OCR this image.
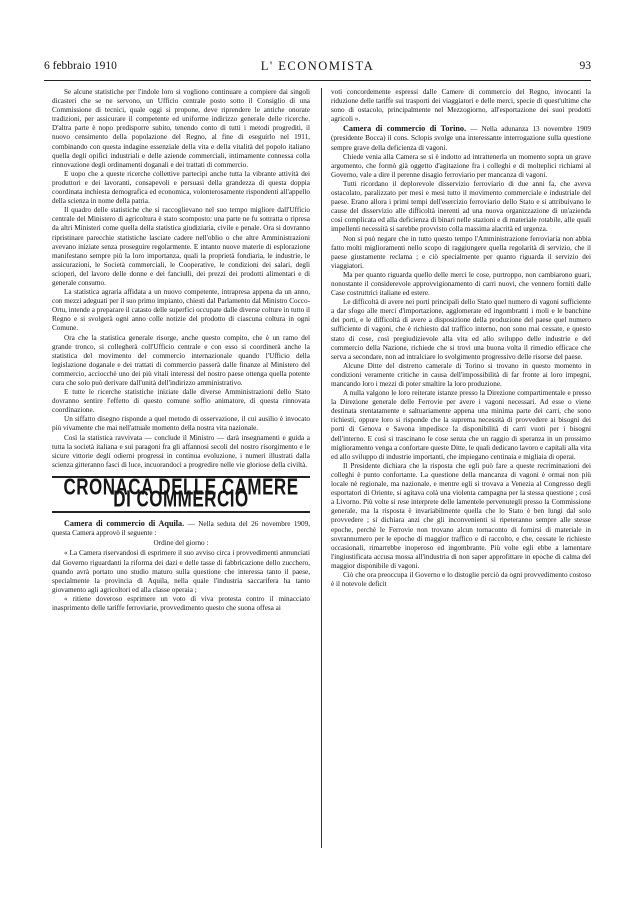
6 febbraio 1910	L' ECONOMISTA	93

Se alcune statistiche per l'indole loro si vogliono continuare a compiere dai singoli dicasteri che se ne servono, un Ufficio centrale posto sotto il Consiglio di una Commissione di tecnici, quale oggi si propone, deve riprendere le antiche onorate tradizioni, per assicurare il competente ed uniforme indirizzo generale delle ricerche. D'altra parte è nopo predisporre subito, tenendo conto di tutti i metodi progrediti, il nuovo censimento della popolazione del Regno, al fine di eseguirlo nel 1911, combinando con questa indagine essenziale della vita e della vitalità del popolo italiano quella degli opifici industriali e delle aziende commerciali, intimamente connessa colla rinnovazione degli ordinamenti doganali e dei trattati di commercio.

E uopo che a queste ricerche collettive partecipi anche tutta la vibrante attività dei produttori e dei lavoranti, consapevoli e persuasi della grandezza di questa doppia coordinata inchiesta demografica ed economica, volonterosamente rispondenti all'appello della scienza in nome della patria.

Il quadro delle statistiche che si raccoglievano nel suo tempo migliore dall'Ufficio centrale del Ministero di agricoltura è stato scomposto: una parte ne fu sottratta o ripresa da altri Ministeri come quella della statistica giudiziaria, civile e penale. Ora si dovranno ripristinare parecchie statistiche lasciate cadere nell'oblio o che altre Amministrazioni avevano iniziate senza proseguire regolarmente. E intanto nuove materie di esplorazione manifestano sempre più la loro importanza, quali la proprietà fondiaria, le industrie, le assicurazioni, le Società commerciali, le Cooperative, le condizioni dei salari, degli scioperi, del lavoro delle donne e dei fanciulli, dei prezzi dei prodotti alimentari e di generale consumo.

La statistica agraria affidata a un nuovo competente, intrapresa appena da un anno, con mezzi adeguati per il suo primo impianto, chiesti dal Parlamento dal Ministro Cocco-Ortu, intende a preparare il catasto delle superfici occupate dalle diverse colture in tutto il Regno e si svolgerà ogni anno colle notizie del prodotto di ciascuna coltura in ogni Comune.

Ora che la statistica generale risorge, anche questo compito, che è un ramo del grande tronco, si collegherà coll'Ufficio centrale e con esso si coordinerà anche la statistica del movimento del commercio internazionale quando l'Ufficio della legislazione doganale e dei trattati di commercio passerà dalle finanze al Ministero del commercio, acciocchè uno dei più vitali interessi del nostro paese ottenga quella potente cura che solo può derivare dall'unità dell'indirizzo amministrativo.

E tutte le ricerche statistiche iniziate dalle diverse Amministrazioni dello Stato dovranno sentire l'effetto di questo comune soffio animatore, di questa rinnovata coordinazione.

Un siffatto disegno risponde a quel metodo di osservazione, il cui ausilio è invocato più vivamente che mai nell'attuale momento della nostra vita nazionale.

Così la statistica ravvivata — conclude il Ministro — darà insegnamenti e guida a tutta la società italiana e sui paragoni fra gli affannosi secoli del nostro risorgimento e le sicure vittorie degli odierni progressi in continua evoluzione, i numeri illustrati dalla scienza gitteranno fasci di luce, incuorandoci a progredire nelle vie gloriose della civiltà.

CRONACA DELLE CAMERE DI COMMERCIO

Camera di commercio di Aquila. — Nella seduta del 26 novembre 1909, questa Camera approvò il seguente :

Ordine del giorno :

« La Camera riservandosi di esprimere il suo avviso circa i provvedimenti annunciati dal Governo riguardanti la riforma dei dazi e delle tasse di fabbricazione dello zucchero, quando avrà portato uno studio maturo sulla questione che interessa tanto il paese, specialmente la provincia di Aquila, nella quale l'industria saccarifera ha tanto giovamento agli agricoltori ed alla classe operaia ;

« ritiene doveroso esprimere un voto di viva protesta contro il minacciato inasprimento delle tariffe ferroviarie, provvedimento questo che suona offesa ai

voti concordemente espressi dalle Camere di commercio del Regno, invocanti la riduzione delle tariffe sui trasporti dei viaggiatori e delle merci, specie di quest'ultime che sono di ostacolo, principalmente nel Mezzogiorno, all'esportazione dei suoi prodotti agricoli ».

Camera di commercio di Torino. — Nella adunanza 13 novembre 1909 (presidente Bocca) il cons. Sclopis svolge una interessante interrogazione sulla questione sempre grave della deficienza di vagoni.

Chiede venia alla Camera se si è indotto ad intrattenerla un momento sopra un grave argomento, che formò già oggetto d'agitazione fra i colleghi e di molteplici richiami al Governo, vale a dire il perenne disagio ferroviario per mancanza di vagoni.

Tutti ricordano il deplorevole disservizio ferroviario di due anni fa, che aveva ostacolato, paralizzato per mesi e mesi tutto il movimento commerciale e industriale del paese. Erano allora i primi tempi dell'esercizio ferroviario dello Stato e si attribuivano le cause del disservizio alle difficoltà inerenti ad una nuova organizzazione di un'azienda così complicata ed alla deficienza di binari nelle stazioni e di materiale rotabile, alle quali impellenti necessità si sarebbe provvisto colla massima alacrità ed urgenza.

Non si può negare che in tutto questo tempo l'Amministrazione ferroviaria non abbia fatto molti miglioramenti nello scopo di raggiungere quella regolarità di servizio, che il paese giustamente reclama ; e ciò specialmente per quanto riguarda il servizio dei viaggiatori.

Ma per quanto riguarda quello delle merci le cose, purtroppo, non cambiarono guari, nonostante il considerevole approvvigionamento di carri nuovi, che vennero forniti dalle Case costruttrici italiane ed estere.

Le difficoltà di avere nei porti principali dello Stato quel numero di vagoni sufficiente a dar sfogo alle merci d'importazione, agglomerate ed ingombranti i moli e le banchine dei porti, e le difficoltà di avere a disposizione della produzione del paese quel numero sufficiente di vagoni, che è richiesto dal traffico interno, non sono mai cessate, e questo stato di cose, così pregiudizievole alla vita ed allo sviluppo delle industrie e del commercio della Nazione, richiede che si trovi una buona volta il rimedio efficace che serva a secondare, non ad intralciare lo svolgimento progressivo delle risorse del paese.

Alcune Ditte del distretto camerale di Torino si trovano in questo momento in condizioni veramente critiche in causa dell'impossibilità di far fronte ai loro impegni, mancando loro i mezzi di poter smaltire la loro produzione.

A nulla valgono le loro reiterate istanze presso la Direzione compartimentale e presso la Direzione generale delle Ferrovie per avere i vagoni necessari. Ad esse o viene destinata stentatamente e saltuariamente appena una minima parte dei carri, che sono richiesti, oppure loro si risponde che la suprema necessità di provvedere ai bisogni dei porti di Genova e Savona impedisce la disponibilità di carri vuoti per i bisogni dell'interno. E così si trascinano le cose senza che un raggio di speranza in un prossimo miglioramento venga a confortare queste Ditte, le quali dedicano lavoro e capitali alla vita ed allo sviluppo di industrie importanti, che impiegano centinaia e migliaia di operai.

Il Presidente dichiara che la risposta che egli può fare a queste recriminazioni dei colleghi è punto confortante. La questione della mancanza di vagoni è ormai non più locale nè regionale, ma nazionale, e mentre egli si trovava a Venezia al Congresso degli esportatori di Oriente, si agitava colà una violenta campagna per la stessa questione ; così a Livorno. Più volte si rese interprete delle lamentele pervenutegli presso la Commissione generale, ma la risposta è invariabilmente quella che lo Stato è ben lungi dal solo provvedere ; si dichiara anzi che gli inconvenienti si ripeteranno sempre alle stesse epoche, perchè le Ferrovie non trovano alcun tornaconto di fornirsi di materiale in sovrannumero per le epoche di maggior traffico e di raccolto, e che, cessate le richieste occasionali, rimarrebbe inoperoso ed ingombrante. Più volte egli ebbe a lamentare l'ingiustificata accusa mossa all'industria di non saper approfittare in epoche di calma del maggior disponibile di vagoni.

Ciò che ora preoccupa il Governo e lo distoglie perciò da ogni provvedimento costoso è il notevole deficit
